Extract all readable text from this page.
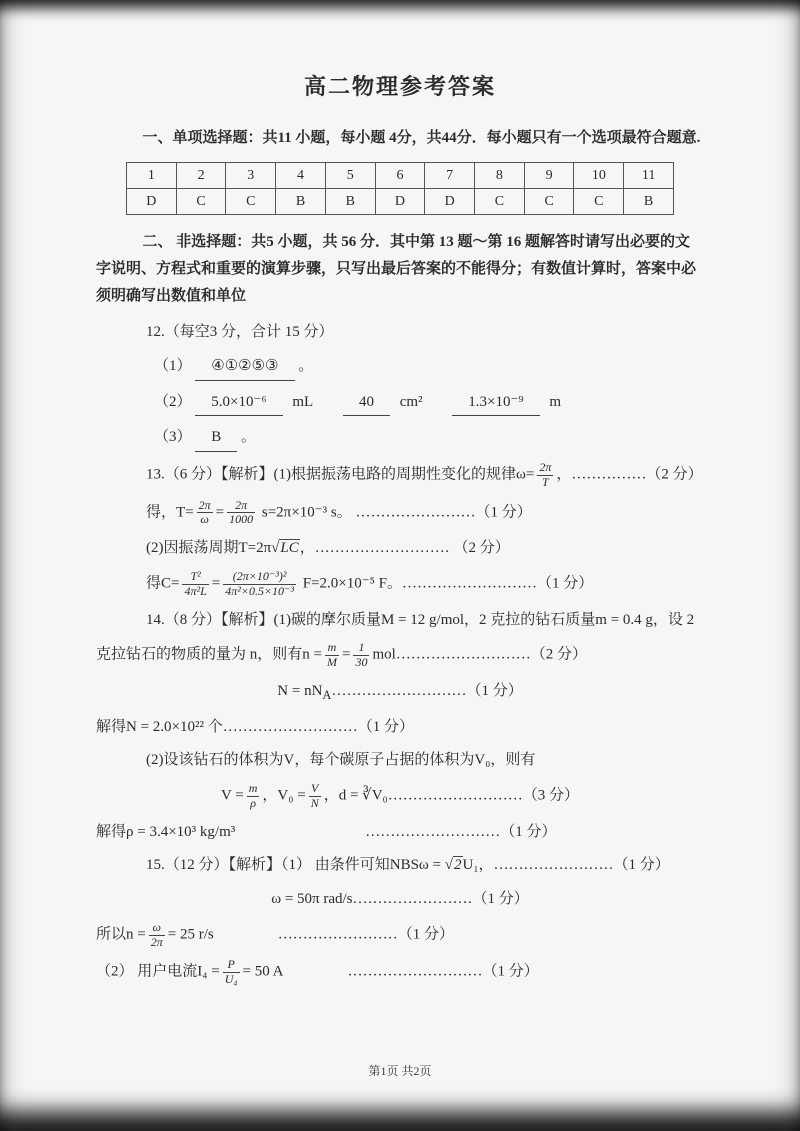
高二物理参考答案

一、单项选择题：共11 小题，每小题 4分，共44分．每小题只有一个选项最符合题意.

1	2	3	4	5	6	7	8	9	10	11
D	C	C	B	B	D	D	C	C	C	B

二、 非选择题：共5 小题，共 56 分．其中第 13 题～第 16 题解答时请写出必要的文字说明、方程式和重要的演算步骤，只写出最后答案的不能得分；有数值计算时，答案中必须明确写出数值和单位

12.（每空3 分，合计 15 分）

（1） ④①②⑤③ 。

（2） 5.0×10⁻⁶ mL	40 cm²	1.3×10⁻⁹ m

（3） B 。

13.（6 分）【解析】(1)根据振荡电路的周期性变化的规律$\omega= \frac{2\pi}{T}$ ，……………（2 分）

得，$T= \frac{2\pi}{\omega} = \frac{2\pi}{1000} s=2\pi\times 10^{-3}$ s。 ……………………（1 分）

(2)因振荡周期T=2π√LC，……………………… （2 分）

得$C= \frac{\text{T²}}{\text{4π²L}} = \frac{\text{(2π×10⁻³)²}}{\text{4π²×0.5×10⁻³}} F=2.0\times 10^{-5}$ F。………………………（1 分）

14.（8 分）【解析】(1)碳的摩尔质量M = 12 g/mol，2 克拉的钻石质量m = 0.4 g，设 2

克拉钻石的物质的量为 n，则有$n = \frac{m}{M} = \frac{1}{30}$ mol………………………（2 分）

$N = nN_A\dots\dots\dots\dots\dots\dots\dots\dots\dots(1$ 分）

解得N = 2.0×10²² 个………………………（1 分）

(2)设该钻石的体积为V，每个碳原子占据的体积为V₀，则有

$V = \frac{m}{\rho}$ ，$V_0 = \frac{V}{N}$ ，d = ∛V₀………………………（3 分）

解得ρ = 3.4×10³ kg/m³	………………………（1 分）

15.（12 分）【解析】（1） 由条件可知NBSω = √2U₁，……………………（1 分）

ω = 50π rad/s……………………（1 分）

所以$n = \frac{\omega}{2\pi} = 25$ r/s	……………………（1 分）

（2） 用户电流$I_4 = \frac{P}{\text{U₄}} = 50$ A	………………………（1 分）

第1页 共2页
